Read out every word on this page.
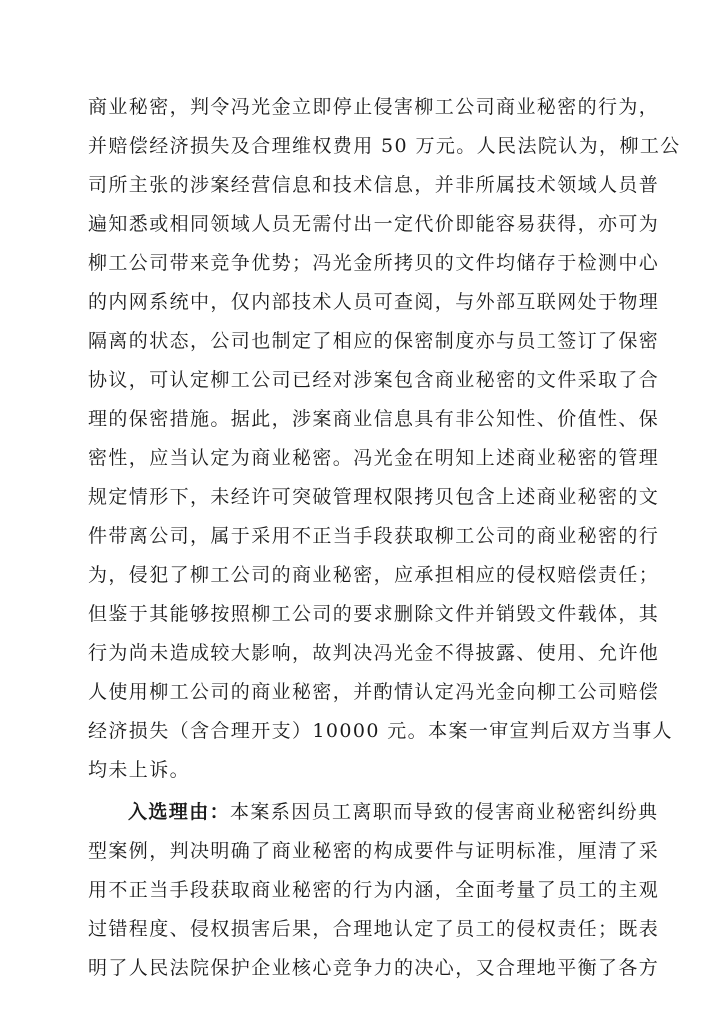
商业秘密，判令冯光金立即停止侵害柳工公司商业秘密的行为，
并赔偿经济损失及合理维权费用 50 万元。人民法院认为，柳工公
司所主张的涉案经营信息和技术信息，并非所属技术领域人员普
遍知悉或相同领域人员无需付出一定代价即能容易获得，亦可为
柳工公司带来竞争优势；冯光金所拷贝的文件均储存于检测中心
的内网系统中，仅内部技术人员可查阅，与外部互联网处于物理
隔离的状态，公司也制定了相应的保密制度亦与员工签订了保密
协议，可认定柳工公司已经对涉案包含商业秘密的文件采取了合
理的保密措施。据此，涉案商业信息具有非公知性、价值性、保
密性，应当认定为商业秘密。冯光金在明知上述商业秘密的管理
规定情形下，未经许可突破管理权限拷贝包含上述商业秘密的文
件带离公司，属于采用不正当手段获取柳工公司的商业秘密的行
为，侵犯了柳工公司的商业秘密，应承担相应的侵权赔偿责任；
但鉴于其能够按照柳工公司的要求删除文件并销毁文件载体，其
行为尚未造成较大影响，故判决冯光金不得披露、使用、允许他
人使用柳工公司的商业秘密，并酌情认定冯光金向柳工公司赔偿
经济损失（含合理开支）10000 元。本案一审宣判后双方当事人
均未上诉。
入选理由：本案系因员工离职而导致的侵害商业秘密纠纷典
型案例，判决明确了商业秘密的构成要件与证明标准，厘清了采
用不正当手段获取商业秘密的行为内涵，全面考量了员工的主观
过错程度、侵权损害后果，合理地认定了员工的侵权责任；既表
明了人民法院保护企业核心竞争力的决心，又合理地平衡了各方
